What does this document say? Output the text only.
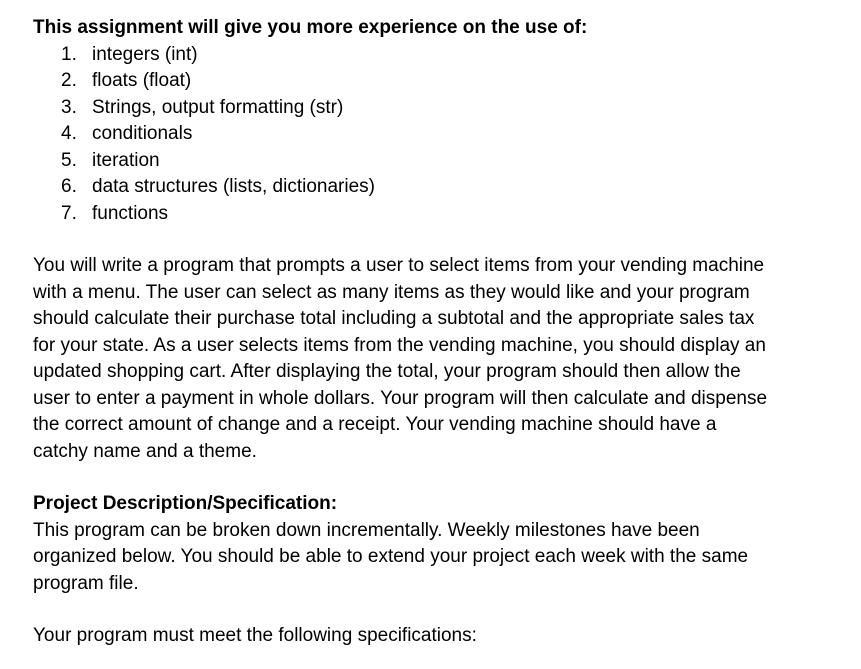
This assignment will give you more experience on the use of:

1. integers (int)
2. floats (float)
3. Strings, output formatting (str)
4. conditionals
5. iteration
6. data structures (lists, dictionaries)
7. functions

You will write a program that prompts a user to select items from your vending machine

with a menu. The user can select as many items as they would like and your program

should calculate their purchase total including a subtotal and the appropriate sales tax

for your state. As a user selects items from the vending machine, you should display an

updated shopping cart. After displaying the total, your program should then allow the

user to enter a payment in whole dollars. Your program will then calculate and dispense

the correct amount of change and a receipt. Your vending machine should have a

catchy name and a theme.

Project Description/Specification:

This program can be broken down incrementally. Weekly milestones have been

organized below. You should be able to extend your project each week with the same

program file.

Your program must meet the following specifications:
